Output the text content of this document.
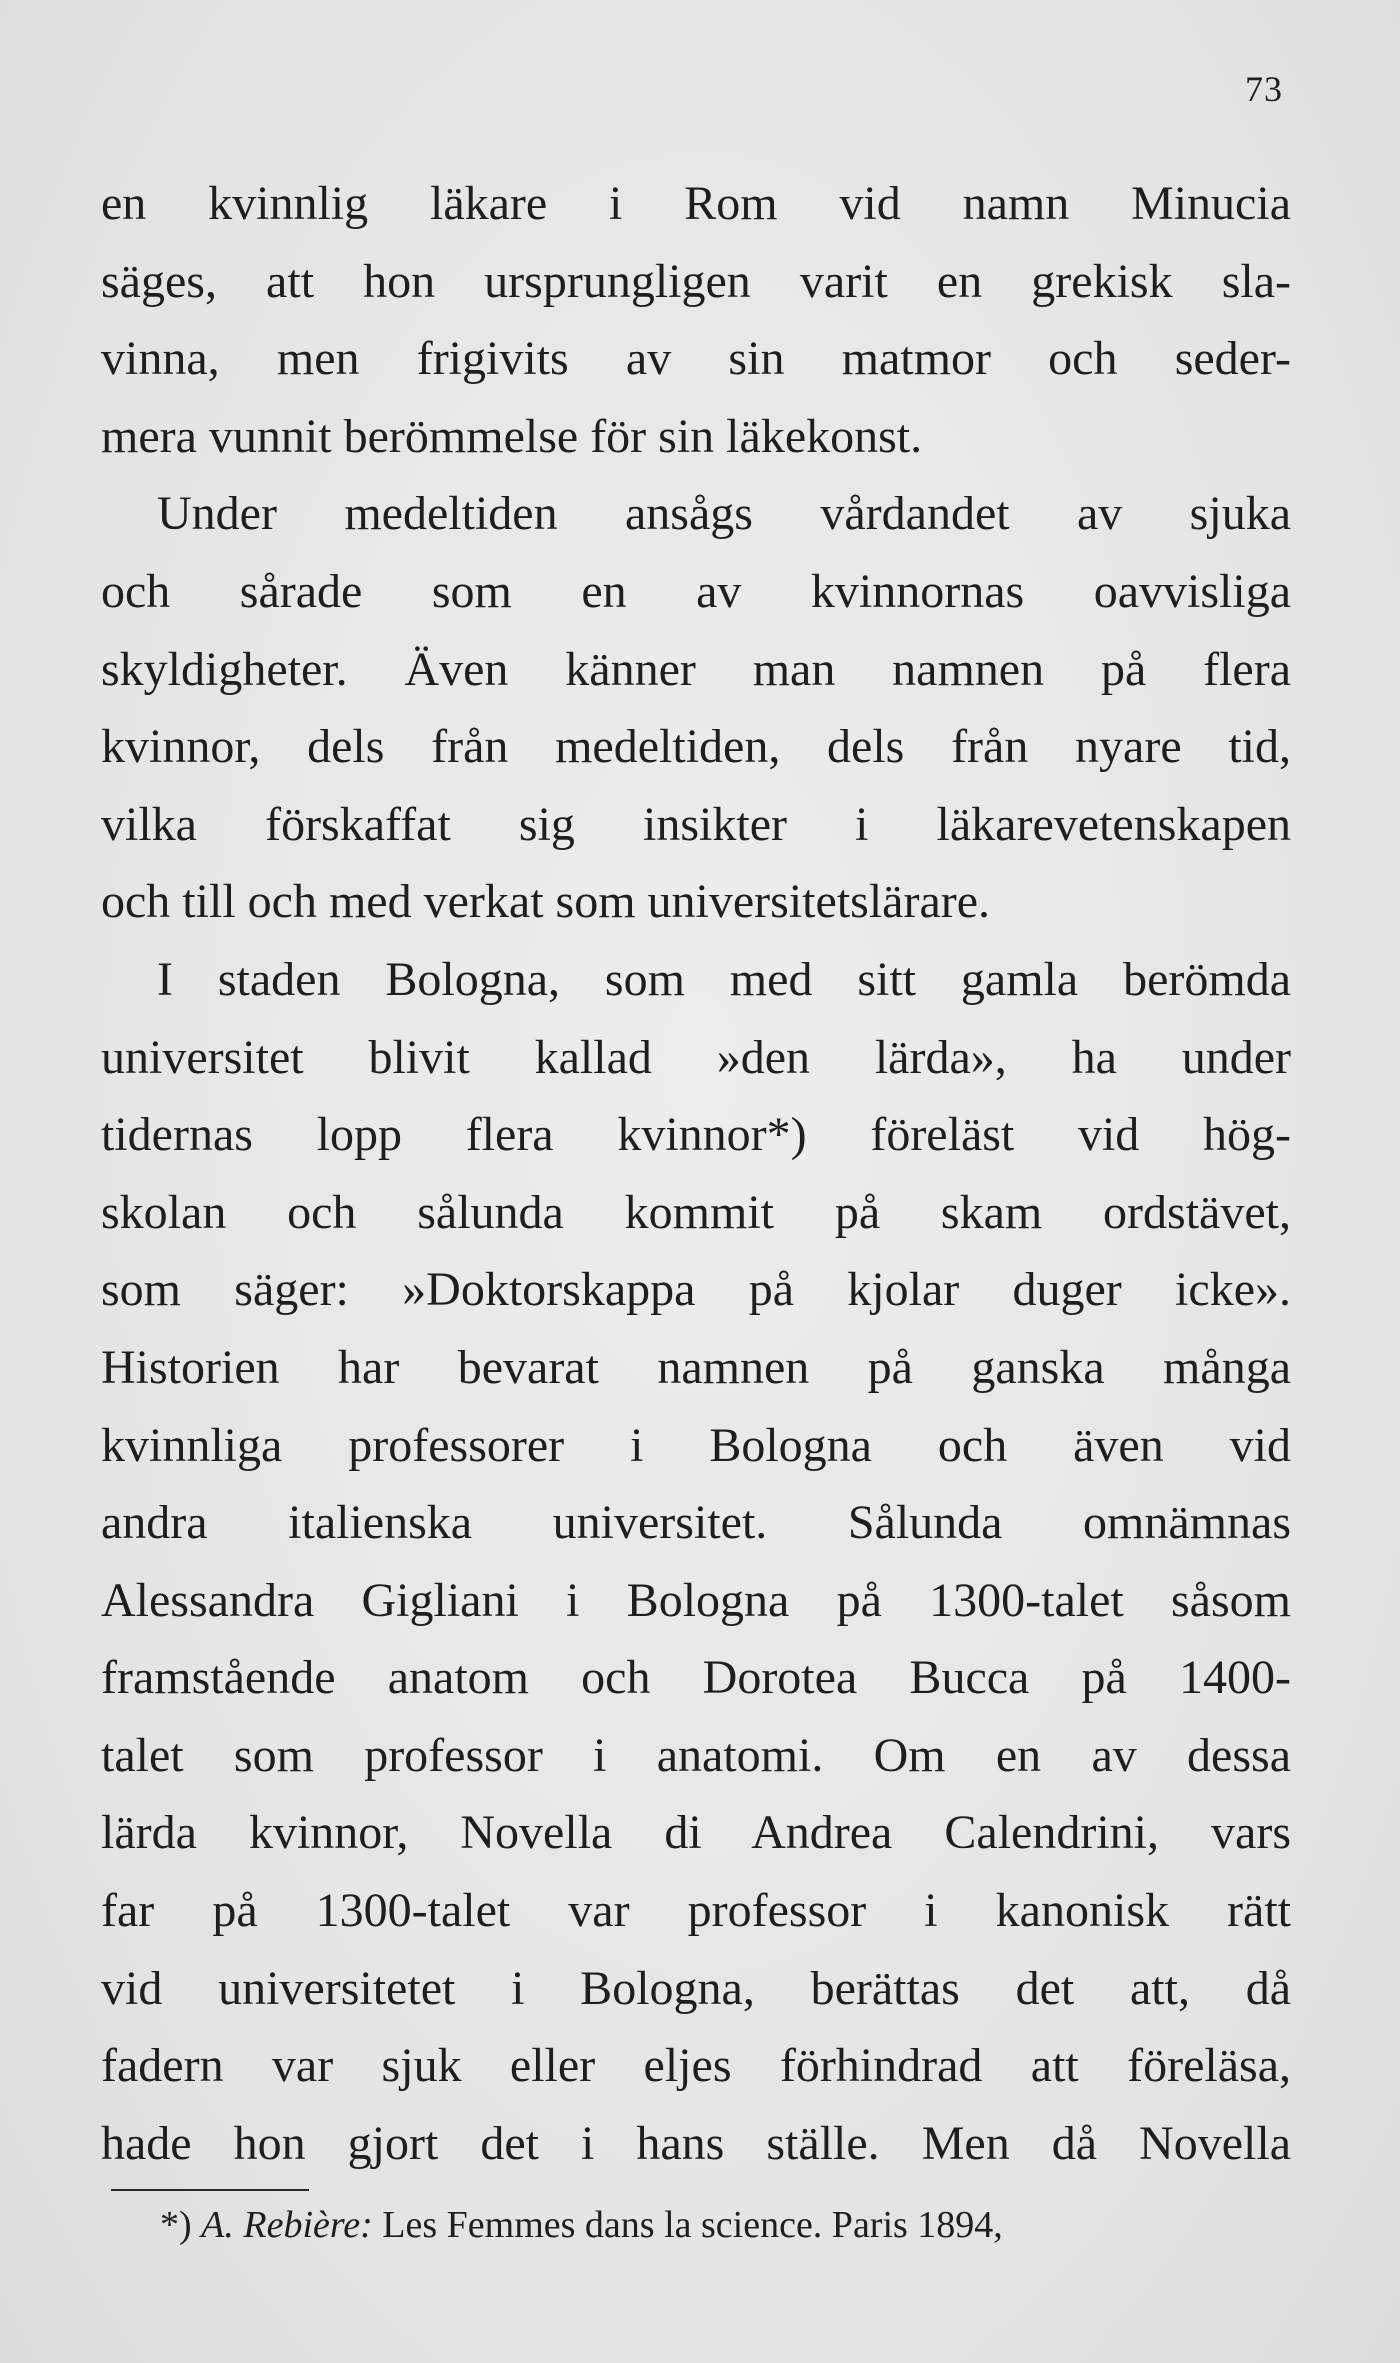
73
en kvinnlig läkare i Rom vid namn Minucia
säges, att hon ursprungligen varit en grekisk sla-
vinna, men frigivits av sin matmor och seder-
mera vunnit berömmelse för sin läkekonst.
Under medeltiden ansågs vårdandet av sjuka
och sårade som en av kvinnornas oavvisliga
skyldigheter. Även känner man namnen på flera
kvinnor, dels från medeltiden, dels från nyare tid,
vilka förskaffat sig insikter i läkarevetenskapen
och till och med verkat som universitetslärare.
I staden Bologna, som med sitt gamla berömda
universitet blivit kallad »den lärda», ha under
tidernas lopp flera kvinnor*) föreläst vid hög-
skolan och sålunda kommit på skam ordstävet,
som säger: »Doktorskappa på kjolar duger icke».
Historien har bevarat namnen på ganska många
kvinnliga professorer i Bologna och även vid
andra italienska universitet. Sålunda omnämnas
Alessandra Gigliani i Bologna på 1300-talet såsom
framstående anatom och Dorotea Bucca på 1400-
talet som professor i anatomi. Om en av dessa
lärda kvinnor, Novella di Andrea Calendrini, vars
far på 1300-talet var professor i kanonisk rätt
vid universitetet i Bologna, berättas det att, då
fadern var sjuk eller eljes förhindrad att föreläsa,
hade hon gjort det i hans ställe. Men då Novella
*) A. Rebière: Les Femmes dans la science. Paris 1894,
